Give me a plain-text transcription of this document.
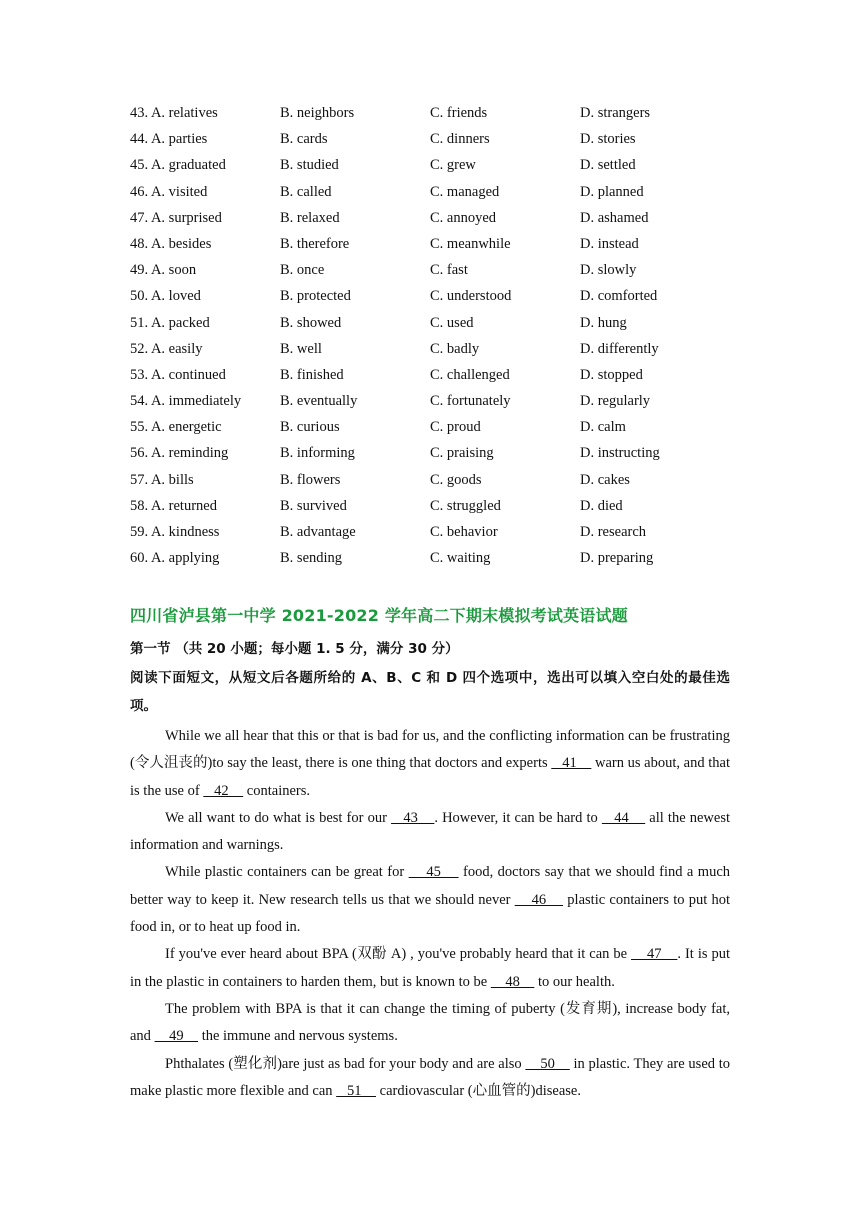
43. A. relatives	B. neighbors	C. friends	D. strangers
44. A. parties	B. cards	C. dinners	D. stories
45. A. graduated	B. studied	C. grew	D. settled
46. A. visited	B. called	C. managed	D. planned
47. A. surprised	B. relaxed	C. annoyed	D. ashamed
48. A. besides	B. therefore	C. meanwhile	D. instead
49. A. soon	B. once	C. fast	D. slowly
50. A. loved	B. protected	C. understood	D. comforted
51. A. packed	B. showed	C. used	D. hung
52. A. easily	B. well	C. badly	D. differently
53. A. continued	B. finished	C. challenged	D. stopped
54. A. immediately	B. eventually	C. fortunately	D. regularly
55. A. energetic	B. curious	C. proud	D. calm
56. A. reminding	B. informing	C. praising	D. instructing
57. A. bills	B. flowers	C. goods	D. cakes
58. A. returned	B. survived	C. struggled	D. died
59. A. kindness	B. advantage	C. behavior	D. research
60. A. applying	B. sending	C. waiting	D. preparing
四川省泸县第一中学 2021-2022 学年高二下期末模拟考试英语试题
第一节 （共 20 小题；每小题 1. 5 分，满分 30 分）
阅读下面短文，从短文后各题所给的 A、B、C 和 D 四个选项中，选出可以填入空白处的最佳选项。

While we all hear that this or that is bad for us, and the conflicting information can be frustrating (令人沮丧的)to say the least, there is one thing that doctors and experts    41     warn us about, and that is the use of    42     containers.

We all want to do what is best for our    43    . However, it can be hard to    44     all the newest information and warnings.

While plastic containers can be great for     45     food, doctors say that we should find a much better way to keep it. New research tells us that we should never     46     plastic containers to put hot food in, or to heat up food in.

If you've ever heard about BPA (双酚 A) , you've probably heard that it can be     47    . It is put in the plastic in containers to harden them, but is known to be     48     to our health.

The problem with BPA is that it can change the timing of puberty (发育期), increase body fat, and     49     the immune and nervous systems.

Phthalates (塑化剂)are just as bad for your body and are also     50     in plastic. They are used to make plastic more flexible and can    51     cardiovascular (心血管的)disease.
